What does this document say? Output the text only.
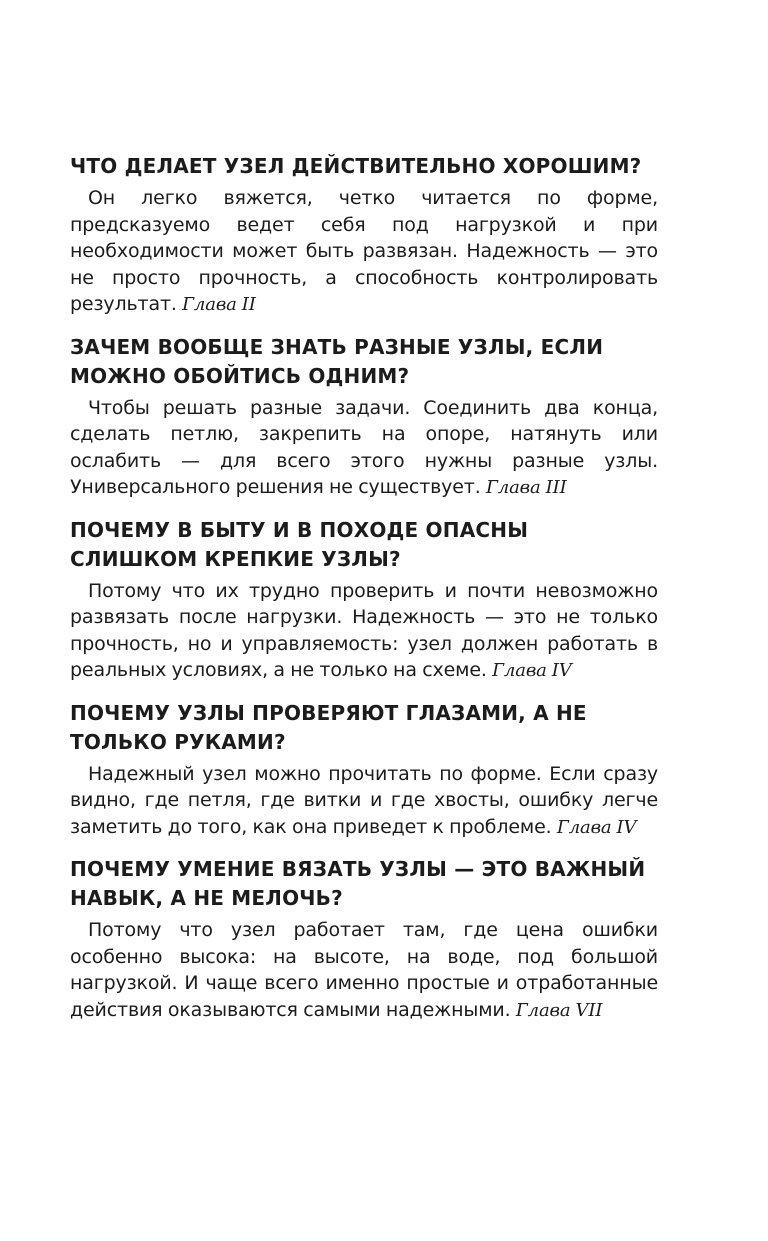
ЧТО ДЕЛАЕТ УЗЕЛ ДЕЙСТВИТЕЛЬНО ХОРОШИМ?

Он легко вяжется, четко читается по форме, предсказуемо ведет себя под нагрузкой и при необходимости может быть развязан. Надежность — это не просто прочность, а способность контролировать результат. Глава II

ЗАЧЕМ ВООБЩЕ ЗНАТЬ РАЗНЫЕ УЗЛЫ, ЕСЛИ МОЖНО ОБОЙТИСЬ ОДНИМ?

Чтобы решать разные задачи. Соединить два конца, сделать петлю, закрепить на опоре, натянуть или ослабить — для всего этого нужны разные узлы. Универсального решения не существует. Глава III

ПОЧЕМУ В БЫТУ И В ПОХОДЕ ОПАСНЫ СЛИШКОМ КРЕПКИЕ УЗЛЫ?

Потому что их трудно проверить и почти невозможно развязать после нагрузки. Надежность — это не только прочность, но и управляемость: узел должен работать в реальных условиях, а не только на схеме. Глава IV

ПОЧЕМУ УЗЛЫ ПРОВЕРЯЮТ ГЛАЗАМИ, А НЕ ТОЛЬКО РУКАМИ?

Надежный узел можно прочитать по форме. Если сразу видно, где петля, где витки и где хвосты, ошибку легче заметить до того, как она приведет к проблеме. Глава IV

ПОЧЕМУ УМЕНИЕ ВЯЗАТЬ УЗЛЫ — ЭТО ВАЖНЫЙ НАВЫК, А НЕ МЕЛОЧЬ?

Потому что узел работает там, где цена ошибки особенно высока: на высоте, на воде, под большой нагрузкой. И чаще всего именно простые и отработанные действия оказываются самыми надежными. Глава VII
